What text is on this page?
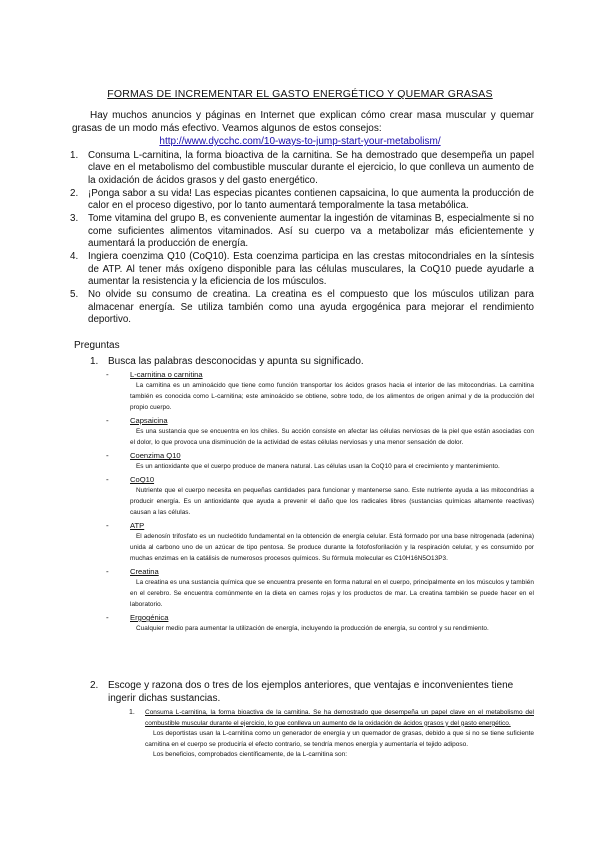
FORMAS DE INCREMENTAR EL GASTO ENERGÉTICO Y QUEMAR GRASAS
Hay muchos anuncios y páginas en Internet que explican cómo crear masa muscular y quemar grasas de un modo más efectivo. Veamos algunos de estos consejos:
http://www.dycchc.com/10-ways-to-jump-start-your-metabolism/
1. Consuma L-carnitina, la forma bioactiva de la carnitina. Se ha demostrado que desempeña un papel clave en el metabolismo del combustible muscular durante el ejercicio, lo que conlleva un aumento de la oxidación de ácidos grasos y del gasto energético.
2. ¡Ponga sabor a su vida! Las especias picantes contienen capsaicina, lo que aumenta la producción de calor en el proceso digestivo, por lo tanto aumentará temporalmente la tasa metabólica.
3. Tome vitamina del grupo B, es conveniente aumentar la ingestión de vitaminas B, especialmente si no come suficientes alimentos vitaminados. Así su cuerpo va a metabolizar más eficientemente y aumentará la producción de energía.
4. Ingiera coenzima Q10 (CoQ10). Esta coenzima participa en las crestas mitocondriales en la síntesis de ATP. Al tener más oxígeno disponible para las células musculares, la CoQ10 puede ayudarle a aumentar la resistencia y la eficiencia de los músculos.
5. No olvide su consumo de creatina. La creatina es el compuesto que los músculos utilizan para almacenar energía. Se utiliza también como una ayuda ergogénica para mejorar el rendimiento deportivo.
Preguntas
1. Busca las palabras desconocidas y apunta su significado.
-	L-carnitina o carnitina

La carnitina es un aminoácido que tiene como función transportar los ácidos grasos hacia el interior de las mitocondrias. La carnitina también es conocida como L-carnitina; este aminoácido se obtiene, sobre todo, de los alimentos de origen animal y de la producción del propio cuerpo.

-	Capsaicina

Es una sustancia que se encuentra en los chiles. Su acción consiste en afectar las células nerviosas de la piel que están asociadas con el dolor, lo que provoca una disminución de la actividad de estas células nerviosas y una menor sensación de dolor.

-	Coenzima Q10

Es un antioxidante que el cuerpo produce de manera natural. Las células usan la CoQ10 para el crecimiento y mantenimiento.

-	CoQ10

Nutriente que el cuerpo necesita en pequeñas cantidades para funcionar y mantenerse sano. Este nutriente ayuda a las mitocondrias a producir energía. Es un antioxidante que ayuda a prevenir el daño que los radicales libres (sustancias químicas altamente reactivas) causan a las células.

-	ATP

El adenosín trifosfato es un nucleótido fundamental en la obtención de energía celular. Está formado por una base nitrogenada (adenina) unida al carbono uno de un azúcar de tipo pentosa. Se produce durante la fotofosforilación y la respiración celular, y es consumido por muchas enzimas en la catálisis de numerosos procesos químicos. Su fórmula molecular es C10H16N5O13P3.

-	Creatina

La creatina es una sustancia química que se encuentra presente en forma natural en el cuerpo, principalmente en los músculos y también en el cerebro. Se encuentra comúnmente en la dieta en carnes rojas y los productos de mar. La creatina también se puede hacer en el laboratorio.

-	Ergogénica

Cualquier medio para aumentar la utilización de energía, incluyendo la producción de energía, su control y su rendimiento.

2. Escoge y razona dos o tres de los ejemplos anteriores, que ventajas e inconvenientes tiene ingerir dichas sustancias.
1. Consuma L-carnitina, la forma bioactiva de la carnitina. Se ha demostrado que desempeña un papel clave en el metabolismo del combustible muscular durante el ejercicio, lo que conlleva un aumento de la oxidación de ácidos grasos y del gasto energético.

Los deportistas usan la L-carnitina como un generador de energía y un quemador de grasas, debido a que si no se tiene suficiente carnitina en el cuerpo se produciría el efecto contrario, se tendría menos energía y aumentaría el tejido adiposo.

Los beneficios, comprobados científicamente, de la L-carnitina son:
